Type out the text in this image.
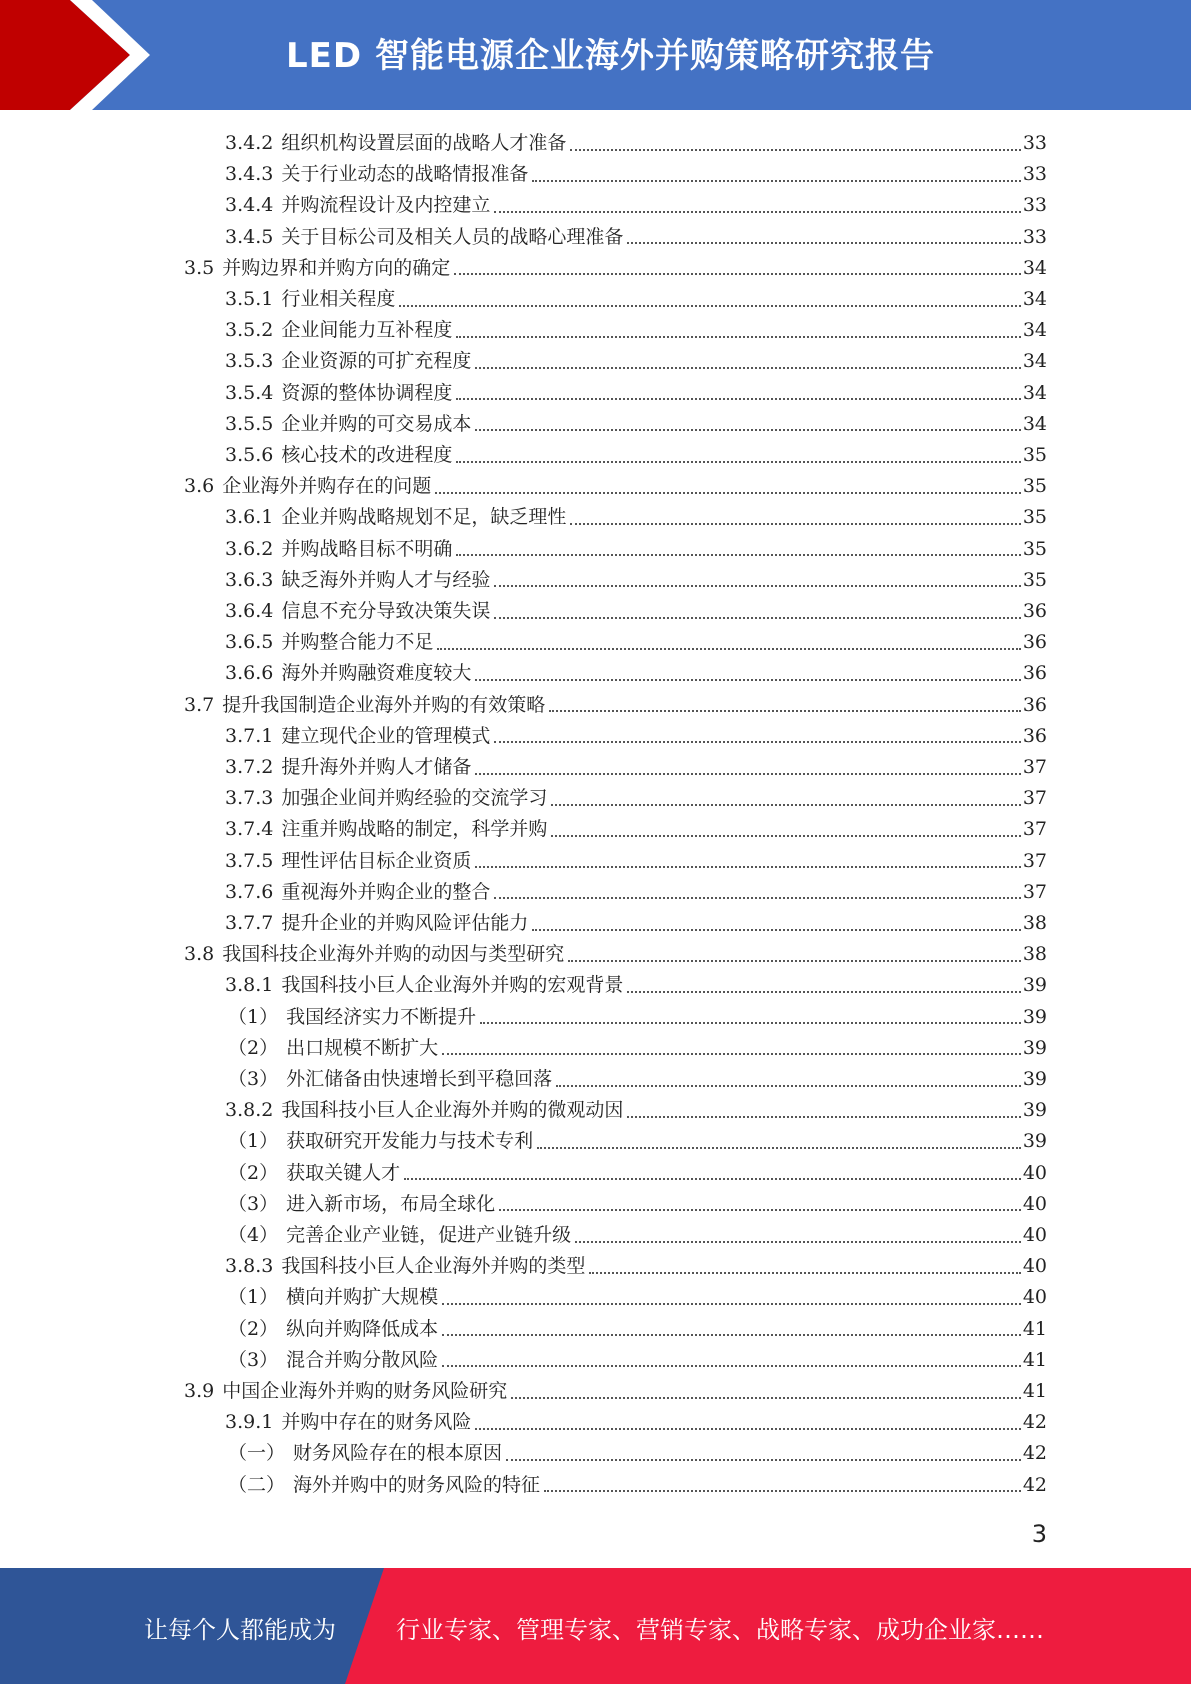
LED 智能电源企业海外并购策略研究报告
3.4.2 组织机构设置层面的战略人才准备	33
3.4.3 关于行业动态的战略情报准备	33
3.4.4 并购流程设计及内控建立	33
3.4.5 关于目标公司及相关人员的战略心理准备	33
3.5 并购边界和并购方向的确定	34
3.5.1 行业相关程度	34
3.5.2 企业间能力互补程度	34
3.5.3 企业资源的可扩充程度	34
3.5.4 资源的整体协调程度	34
3.5.5 企业并购的可交易成本	34
3.5.6 核心技术的改进程度	35
3.6 企业海外并购存在的问题	35
3.6.1 企业并购战略规划不足，缺乏理性	35
3.6.2 并购战略目标不明确	35
3.6.3 缺乏海外并购人才与经验	35
3.6.4 信息不充分导致决策失误	36
3.6.5 并购整合能力不足	36
3.6.6 海外并购融资难度较大	36
3.7 提升我国制造企业海外并购的有效策略	36
3.7.1 建立现代企业的管理模式	36
3.7.2 提升海外并购人才储备	37
3.7.3 加强企业间并购经验的交流学习	37
3.7.4 注重并购战略的制定，科学并购	37
3.7.5 理性评估目标企业资质	37
3.7.6 重视海外并购企业的整合	37
3.7.7 提升企业的并购风险评估能力	38
3.8 我国科技企业海外并购的动因与类型研究	38
3.8.1 我国科技小巨人企业海外并购的宏观背景	39
（1） 我国经济实力不断提升	39
（2） 出口规模不断扩大	39
（3） 外汇储备由快速增长到平稳回落	39
3.8.2 我国科技小巨人企业海外并购的微观动因	39
（1） 获取研究开发能力与技术专利	39
（2） 获取关键人才	40
（3） 进入新市场，布局全球化	40
（4） 完善企业产业链，促进产业链升级	40
3.8.3 我国科技小巨人企业海外并购的类型	40
（1） 横向并购扩大规模	40
（2） 纵向并购降低成本	41
（3） 混合并购分散风险	41
3.9 中国企业海外并购的财务风险研究	41
3.9.1 并购中存在的财务风险	42
（一） 财务风险存在的根本原因	42
（二） 海外并购中的财务风险的特征	42
3
让每个人都能成为	行业专家、管理专家、营销专家、战略专家、成功企业家……
